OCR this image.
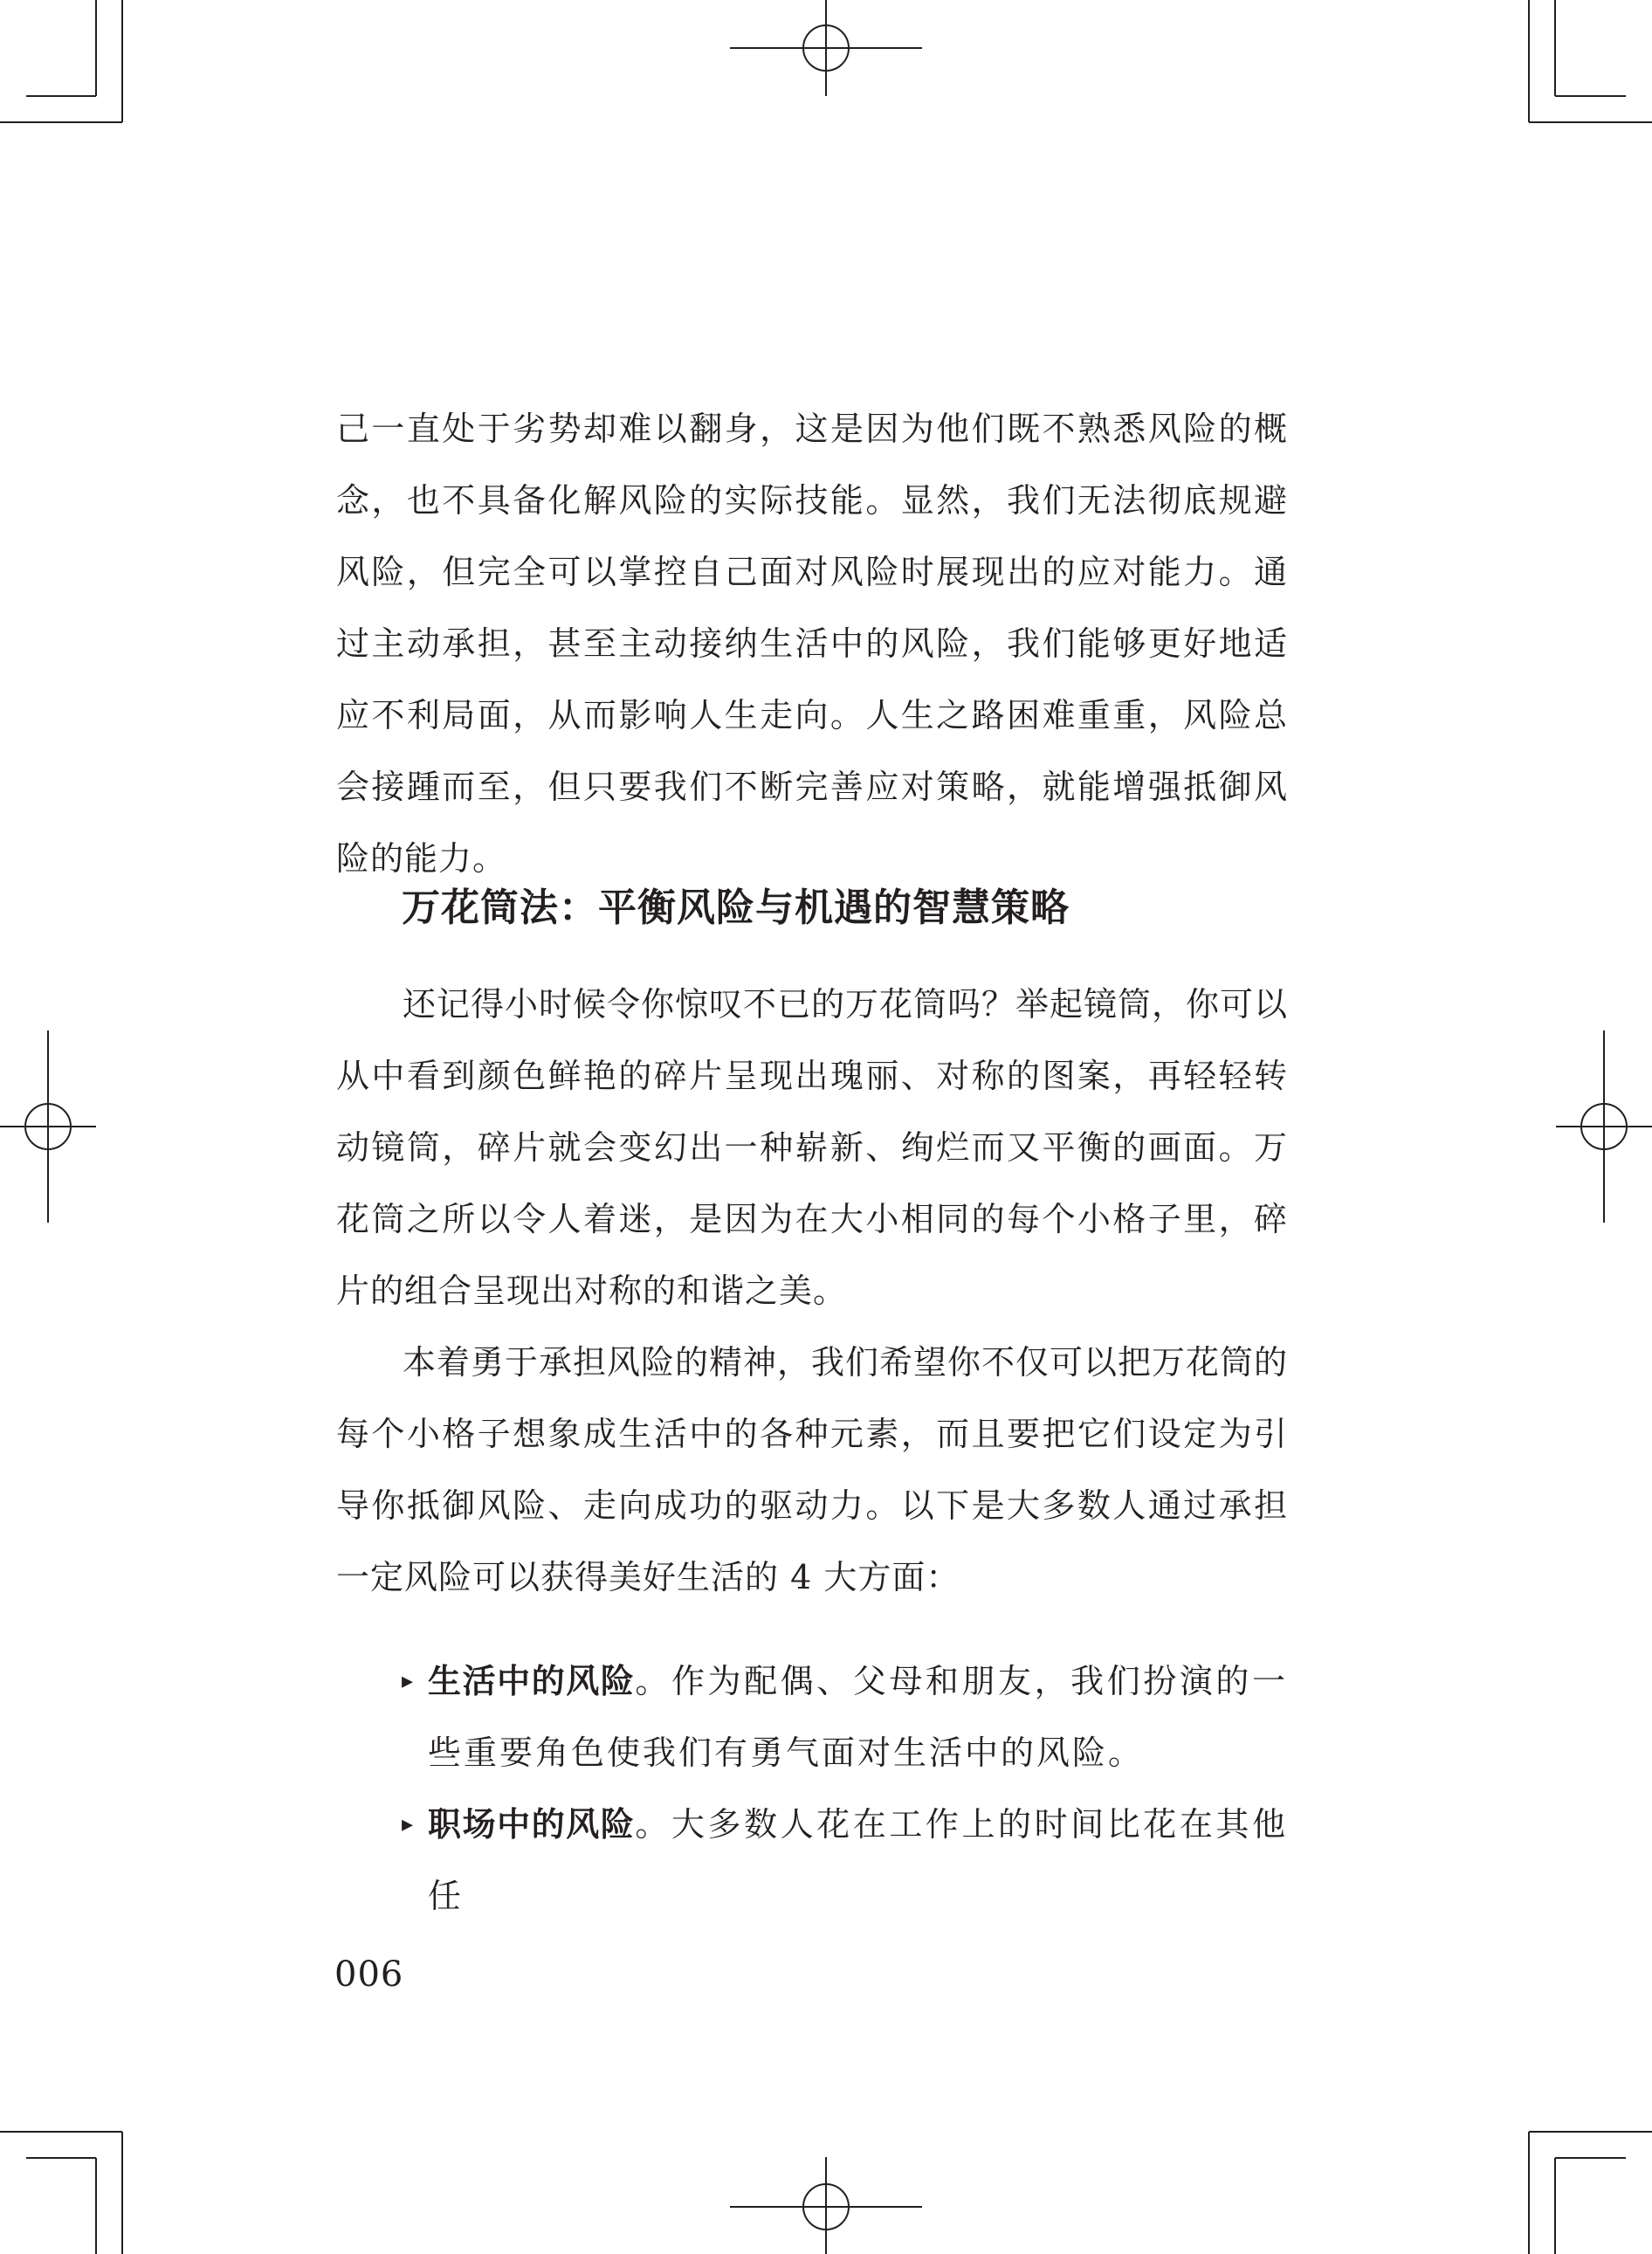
己一直处于劣势却难以翻身，这是因为他们既不熟悉风险的概念，也不具备化解风险的实际技能。显然，我们无法彻底规避风险，但完全可以掌控自己面对风险时展现出的应对能力。通过主动承担，甚至主动接纳生活中的风险，我们能够更好地适应不利局面，从而影响人生走向。人生之路困难重重，风险总会接踵而至，但只要我们不断完善应对策略，就能增强抵御风险的能力。

万花筒法：平衡风险与机遇的智慧策略

还记得小时候令你惊叹不已的万花筒吗？举起镜筒，你可以从中看到颜色鲜艳的碎片呈现出瑰丽、对称的图案，再轻轻转动镜筒，碎片就会变幻出一种崭新、绚烂而又平衡的画面。万花筒之所以令人着迷，是因为在大小相同的每个小格子里，碎片的组合呈现出对称的和谐之美。

本着勇于承担风险的精神，我们希望你不仅可以把万花筒的每个小格子想象成生活中的各种元素，而且要把它们设定为引导你抵御风险、走向成功的驱动力。以下是大多数人通过承担一定风险可以获得美好生活的 4 大方面：

▸ 生活中的风险。作为配偶、父母和朋友，我们扮演的一些重要角色使我们有勇气面对生活中的风险。
▸ 职场中的风险。大多数人花在工作上的时间比花在其他任
006
